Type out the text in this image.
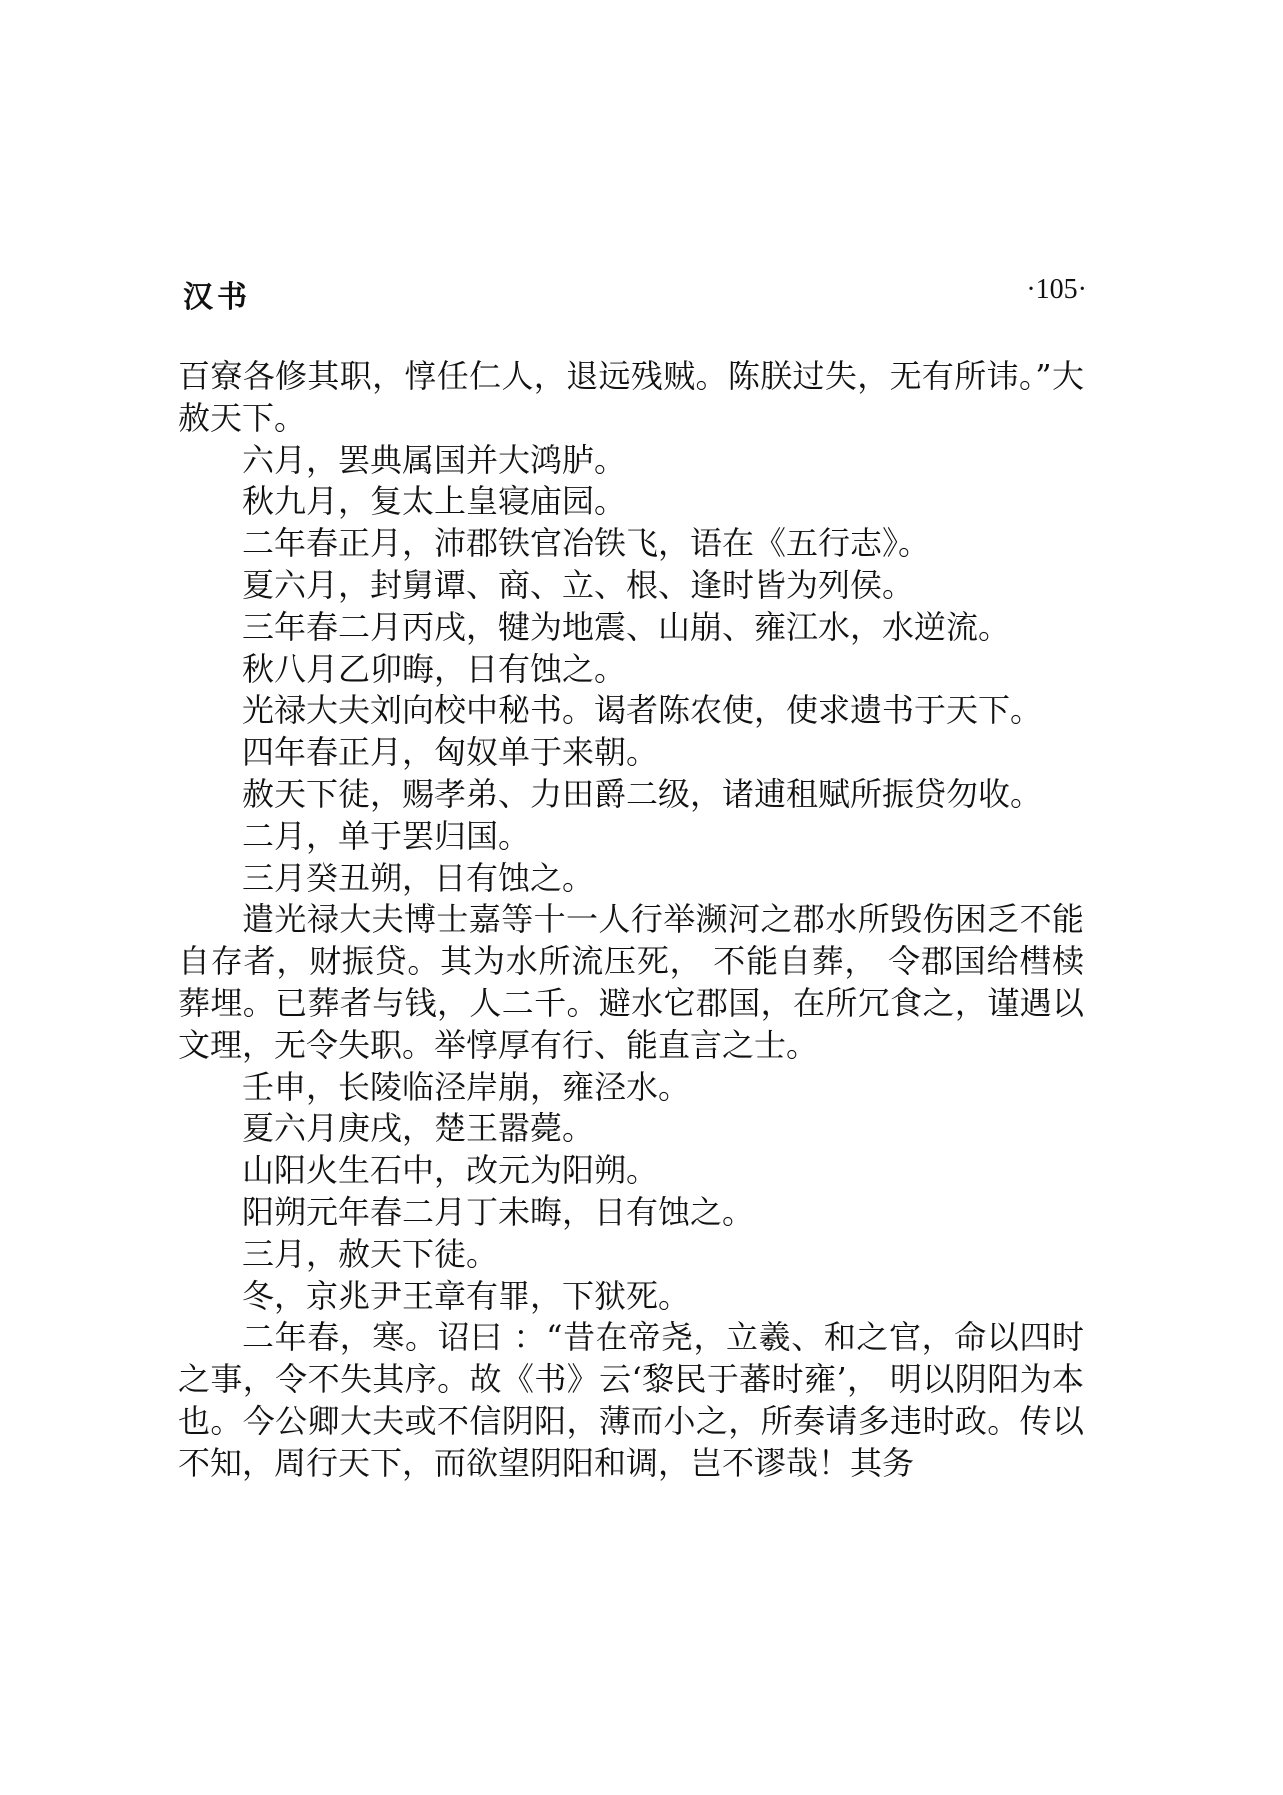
汉书	·105·

百寮各修其职，惇任仁人，退远残贼。陈朕过失，无有所讳。”大赦天下。

六月，罢典属国并大鸿胪。

秋九月，复太上皇寝庙园。

二年春正月，沛郡铁官冶铁飞，语在《五行志》。

夏六月，封舅谭、商、立、根、逢时皆为列侯。

三年春二月丙戌，犍为地震、山崩、雍江水，水逆流。

秋八月乙卯晦，日有蚀之。

光禄大夫刘向校中秘书。谒者陈农使，使求遗书于天下。

四年春正月，匈奴单于来朝。

赦天下徒，赐孝弟、力田爵二级，诸逋租赋所振贷勿收。

二月，单于罢归国。

三月癸丑朔，日有蚀之。

遣光禄大夫博士嘉等十一人行举濒河之郡水所毁伤困乏不能自存者，财振贷。其为水所流压死， 不能自葬， 令郡国给槥椟葬埋。已葬者与钱，人二千。避水它郡国，在所冗食之，谨遇以文理，无令失职。举惇厚有行、能直言之士。

壬申，长陵临泾岸崩，雍泾水。

夏六月庚戌，楚王嚣薨。

山阳火生石中，改元为阳朔。

阳朔元年春二月丁未晦，日有蚀之。

三月，赦天下徒。

冬，京兆尹王章有罪，下狱死。

二年春，寒。诏曰 ：“昔在帝尧，立羲、和之官，命以四时之事，令不失其序。故《书》云‘黎民于蕃时雍’， 明以阴阳为本也。今公卿大夫或不信阴阳，薄而小之，所奏请多违时政。传以不知，周行天下，而欲望阴阳和调，岂不谬哉！其务
